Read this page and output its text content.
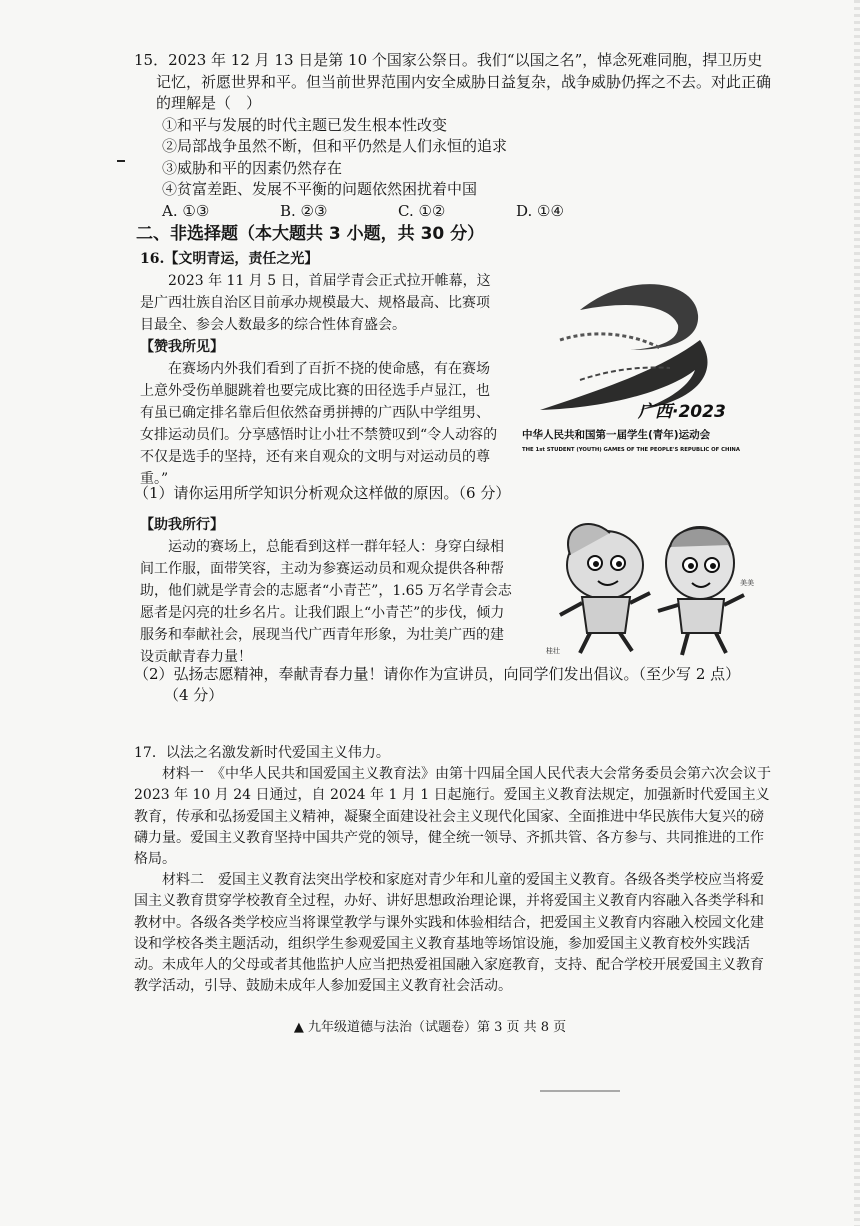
15．2023 年 12 月 13 日是第 10 个国家公祭日。我们“以国之名”，悼念死难同胞，捍卫历史记忆，祈愿世界和平。但当前世界范围内安全威胁日益复杂，战争威胁仍挥之不去。对此正确的理解是（　）

①和平与发展的时代主题已发生根本性改变

②局部战争虽然不断，但和平仍然是人们永恒的追求

③威胁和平的因素仍然存在

④贫富差距、发展不平衡的问题依然困扰着中国

A. ①③	B. ②③	C. ①②	D. ①④

二、非选择题（本大题共 3 小题，共 30 分）

16.【文明青运，责任之光】

2023 年 11 月 5 日，首届学青会正式拉开帷幕，这是广西壮族自治区目前承办规模最大、规格最高、比赛项目最全、参会人数最多的综合性体育盛会。

【赞我所见】

在赛场内外我们看到了百折不挠的使命感，有在赛场上意外受伤单腿跳着也要完成比赛的田径选手卢显江，也有虽已确定排名靠后但依然奋勇拼搏的广西队中学组男、女排运动员们。分享感悟时让小壮不禁赞叹到“令人动容的不仅是选手的坚持，还有来自观众的文明与对运动员的尊重。”

广西·2023
中华人民共和国第一届学生(青年)运动会
THE 1st STUDENT (YOUTH) GAMES OF THE PEOPLE'S REPUBLIC OF CHINA
（1）请你运用所学知识分析观众这样做的原因。（6 分）

【助我所行】

运动的赛场上，总能看到这样一群年轻人：身穿白绿相间工作服，面带笑容，主动为参赛运动员和观众提供各种帮助，他们就是学青会的志愿者“小青芒”，1.65 万名学青会志愿者是闪亮的壮乡名片。让我们跟上“小青芒”的步伐，倾力服务和奉献社会，展现当代广西青年形象，为壮美广西的建设贡献青春力量！	桂壮
美美
（2）弘扬志愿精神，奉献青春力量！请你作为宣讲员，向同学们发出倡议。（至少写 2 点）
（4 分）

17．以法之名激发新时代爱国主义伟力。

材料一　《中华人民共和国爱国主义教育法》由第十四届全国人民代表大会常务委员会第六次会议于 2023 年 10 月 24 日通过，自 2024 年 1 月 1 日起施行。爱国主义教育法规定，加强新时代爱国主义教育，传承和弘扬爱国主义精神，凝聚全面建设社会主义现代化国家、全面推进中华民族伟大复兴的磅礴力量。爱国主义教育坚持中国共产党的领导，健全统一领导、齐抓共管、各方参与、共同推进的工作格局。

材料二　爱国主义教育法突出学校和家庭对青少年和儿童的爱国主义教育。各级各类学校应当将爱国主义教育贯穿学校教育全过程，办好、讲好思想政治理论课，并将爱国主义教育内容融入各类学科和教材中。各级各类学校应当将课堂教学与课外实践和体验相结合，把爱国主义教育内容融入校园文化建设和学校各类主题活动，组织学生参观爱国主义教育基地等场馆设施，参加爱国主义教育校外实践活动。未成年人的父母或者其他监护人应当把热爱祖国融入家庭教育，支持、配合学校开展爱国主义教育教学活动，引导、鼓励未成年人参加爱国主义教育社会活动。

▲ 九年级道德与法治（试题卷）第 3 页 共 8 页
